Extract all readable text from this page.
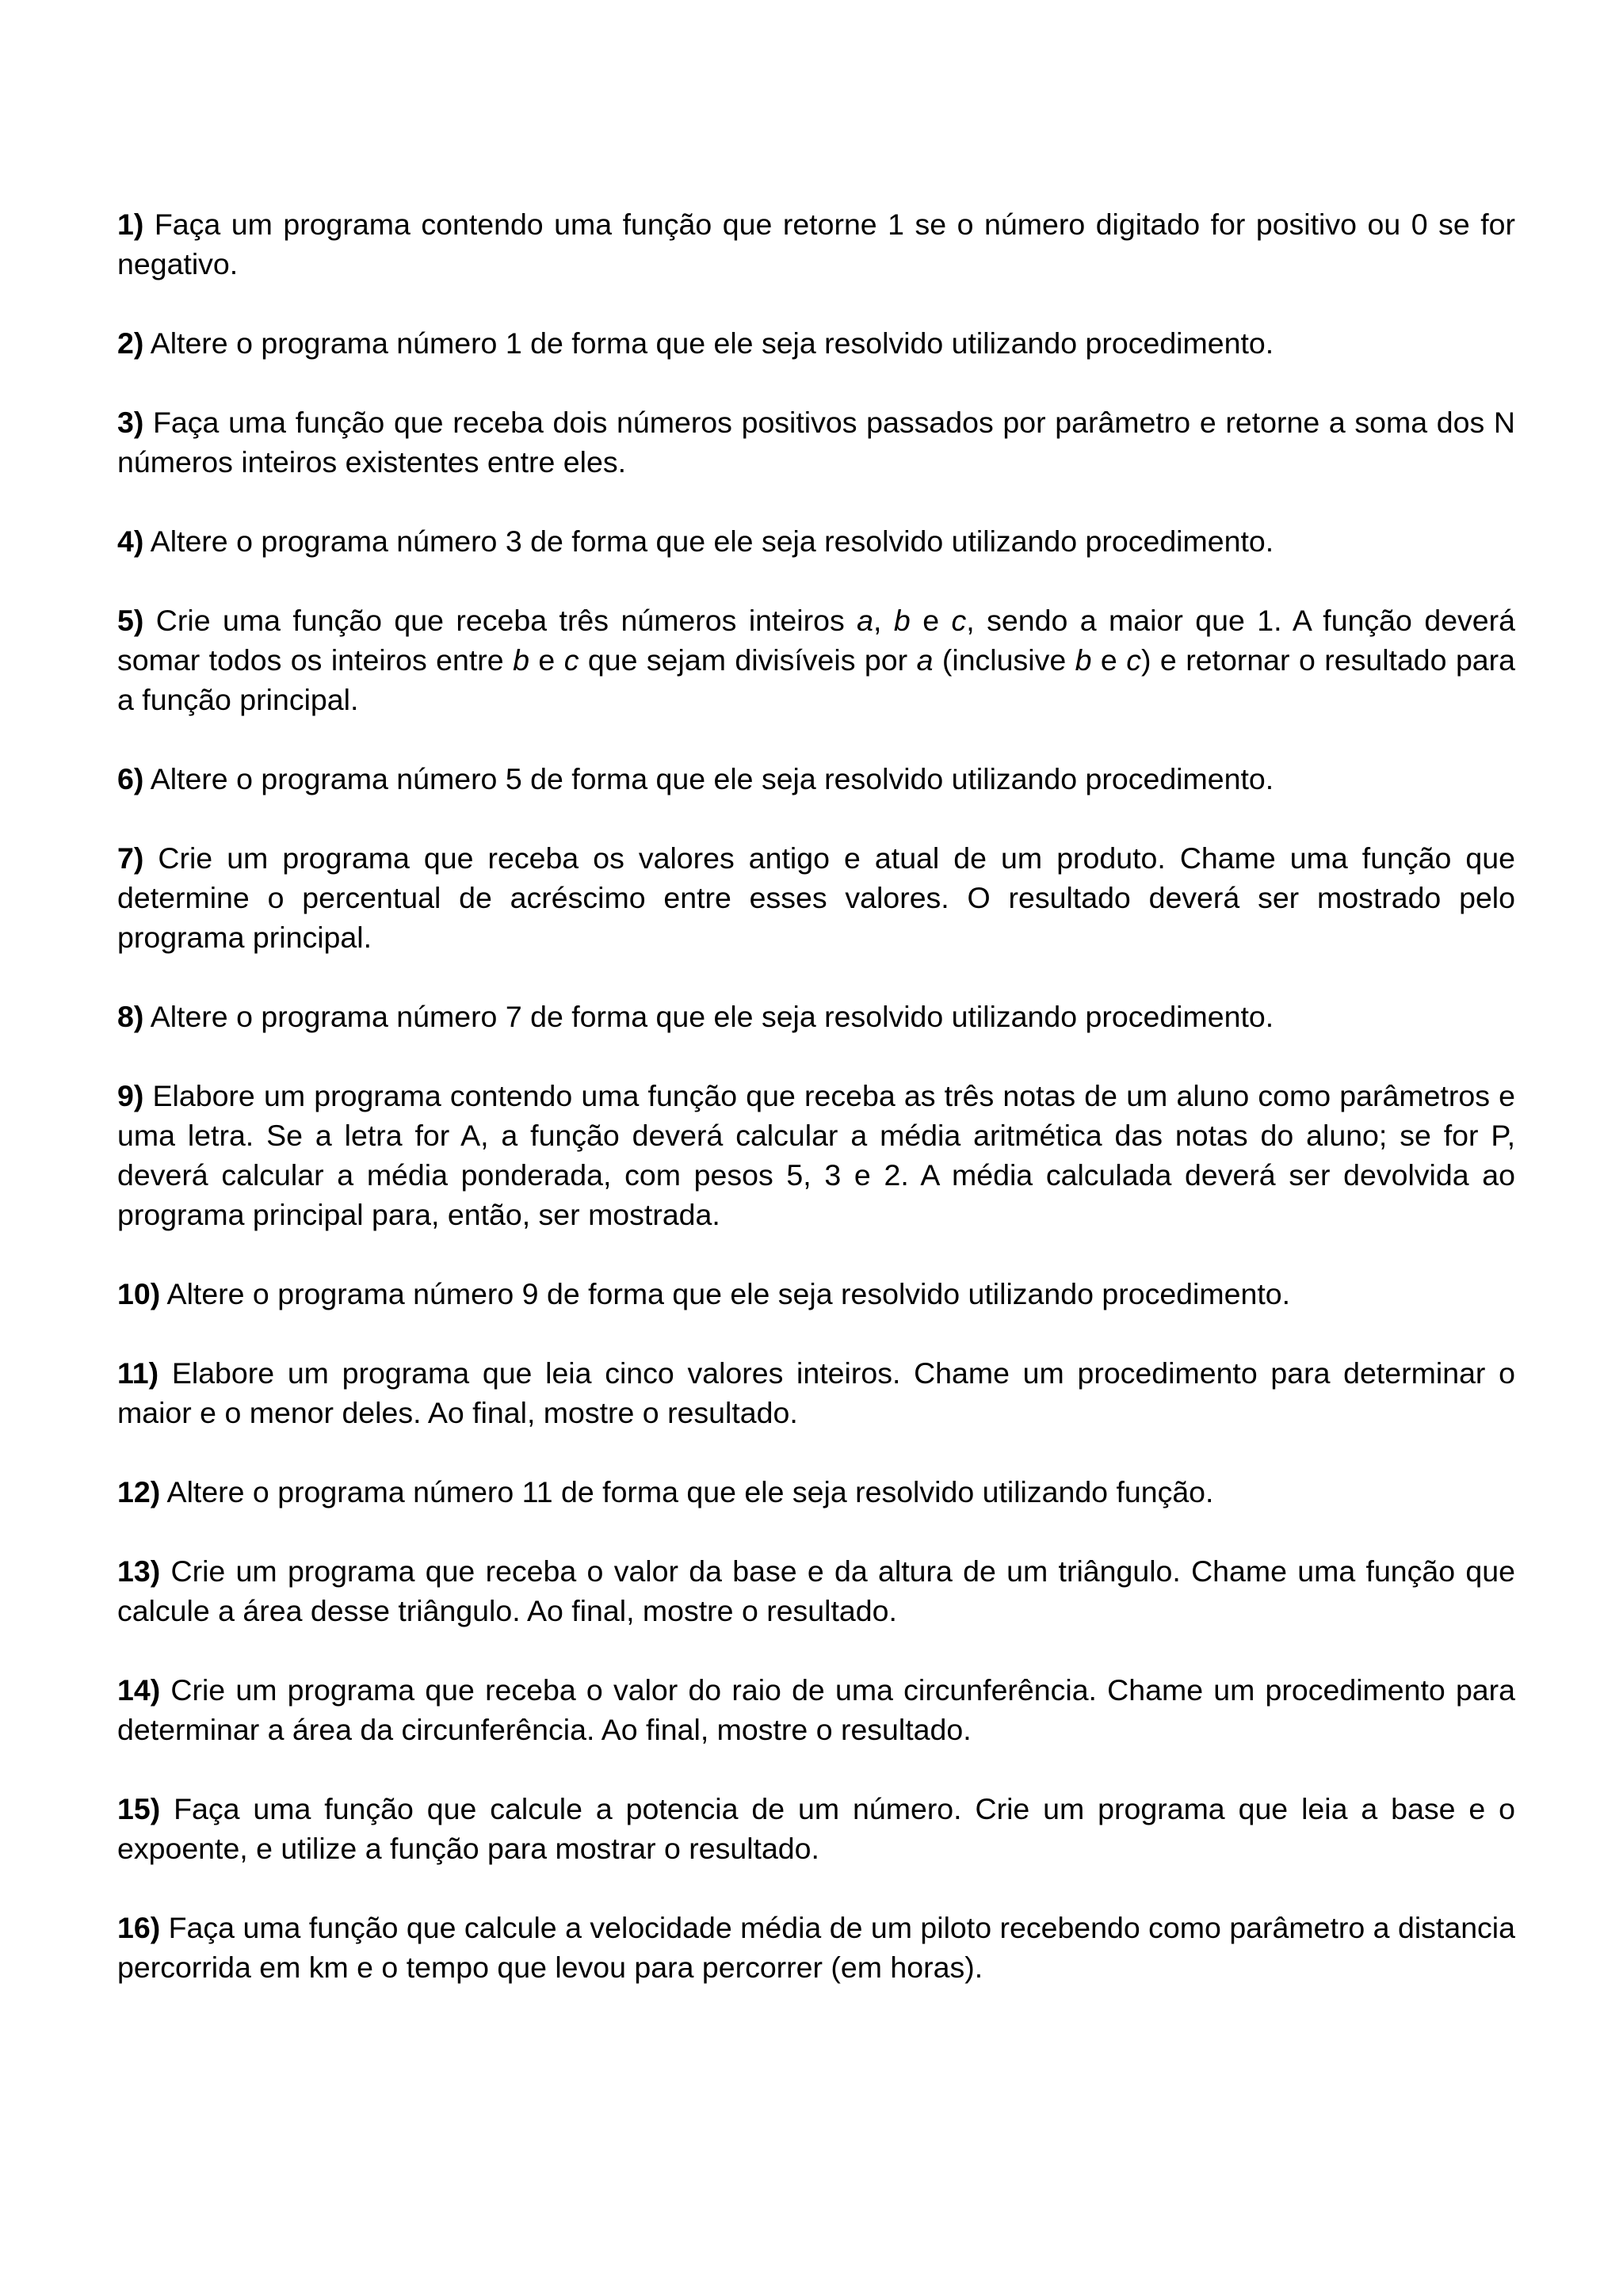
1) Faça um programa contendo uma função que retorne 1 se o número digitado for positivo ou 0 se for negativo.

2) Altere o programa número 1 de forma que ele seja resolvido utilizando procedimento.

3) Faça uma função que receba dois números positivos passados por parâmetro e retorne a soma dos N números inteiros existentes entre eles.

4) Altere o programa número 3 de forma que ele seja resolvido utilizando procedimento.

5) Crie uma função que receba três números inteiros a, b e c, sendo a maior que 1. A função deverá somar todos os inteiros entre b e c que sejam divisíveis por a (inclusive b e c) e retornar o resultado para a função principal.

6) Altere o programa número 5 de forma que ele seja resolvido utilizando procedimento.

7) Crie um programa que receba os valores antigo e atual de um produto. Chame uma função que determine o percentual de acréscimo entre esses valores. O resultado deverá ser mostrado pelo programa principal.

8) Altere o programa número 7 de forma que ele seja resolvido utilizando procedimento.

9) Elabore um programa contendo uma função que receba as três notas de um aluno como parâmetros e uma letra. Se a letra for A, a função deverá calcular a média aritmética das notas do aluno; se for P, deverá calcular a média ponderada, com pesos 5, 3 e 2. A média calculada deverá ser devolvida ao programa principal para, então, ser mostrada.

10) Altere o programa número 9 de forma que ele seja resolvido utilizando procedimento.

11) Elabore um programa que leia cinco valores inteiros. Chame um procedimento para determinar o maior e o menor deles. Ao final, mostre o resultado.

12) Altere o programa número 11 de forma que ele seja resolvido utilizando função.

13) Crie um programa que receba o valor da base e da altura de um triângulo. Chame uma função que calcule a área desse triângulo. Ao final, mostre o resultado.

14) Crie um programa que receba o valor do raio de uma circunferência. Chame um procedimento para determinar a área da circunferência. Ao final, mostre o resultado.

15) Faça uma função que calcule a potencia de um número. Crie um programa que leia a base e o expoente, e utilize a função para mostrar o resultado.

16) Faça uma função que calcule a velocidade média de um piloto recebendo como parâmetro a distancia percorrida em km e o tempo que levou para percorrer (em horas).
